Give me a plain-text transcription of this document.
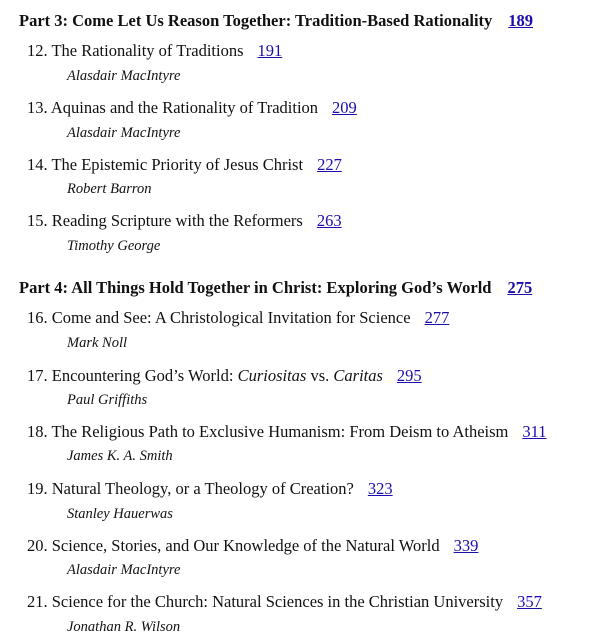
Part 3: Come Let Us Reason Together: Tradition-Based Rationality 189
12. The Rationality of Traditions 191
Alasdair MacIntyre
13. Aquinas and the Rationality of Tradition 209
Alasdair MacIntyre
14. The Epistemic Priority of Jesus Christ 227
Robert Barron
15. Reading Scripture with the Reformers 263
Timothy George
Part 4: All Things Hold Together in Christ: Exploring God’s World 275
16. Come and See: A Christological Invitation for Science 277
Mark Noll
17. Encountering God’s World: Curiositas vs. Caritas 295
Paul Griffiths
18. The Religious Path to Exclusive Humanism: From Deism to Atheism 311
James K. A. Smith
19. Natural Theology, or a Theology of Creation? 323
Stanley Hauerwas
20. Science, Stories, and Our Knowledge of the Natural World 339
Alasdair MacIntyre
21. Science for the Church: Natural Sciences in the Christian University 357
Jonathan R. Wilson
